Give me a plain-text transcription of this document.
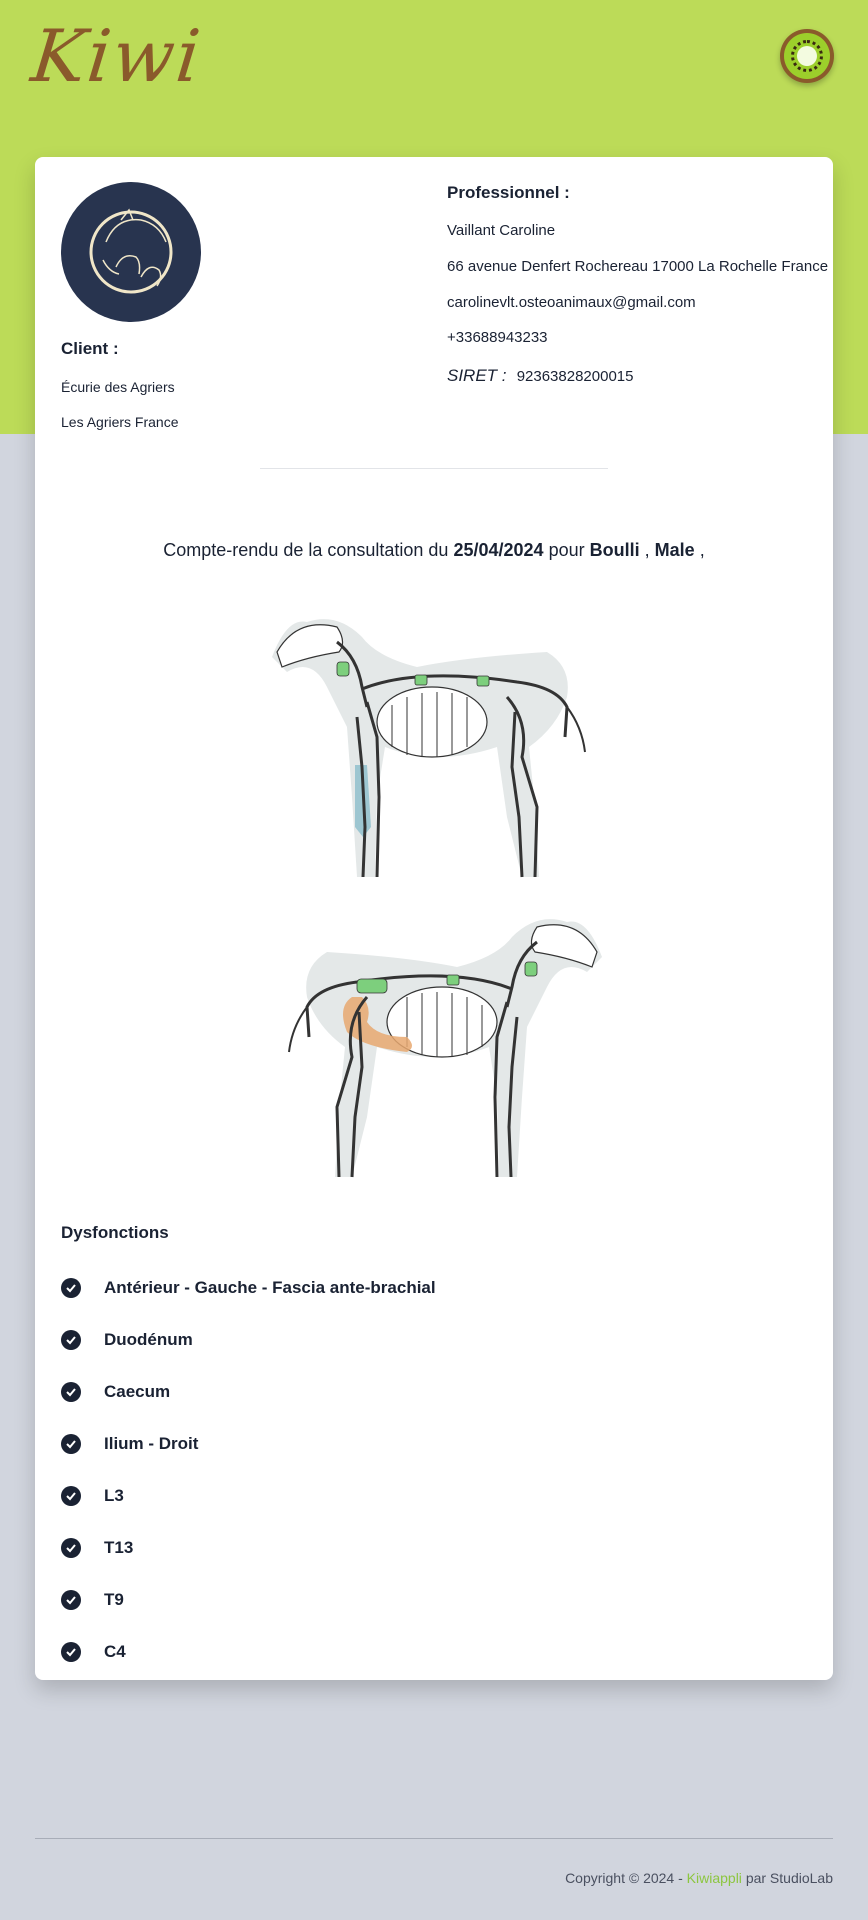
Kiwi
Client :
Écurie des Agriers
Les Agriers France
Professionnel :
Vaillant Caroline
66 avenue Denfert Rochereau 17000 La Rochelle France
carolinevlt.osteoanimaux@gmail.com
+33688943233
SIRET : 92363828200015
Compte-rendu de la consultation du 25/04/2024 pour Boulli , Male ,
Dysfonctions
Antérieur - Gauche - Fascia ante-brachial
Duodénum
Caecum
Ilium - Droit
L3
T13
T9
C4
Copyright © 2024 - Kiwiappli par StudioLab
